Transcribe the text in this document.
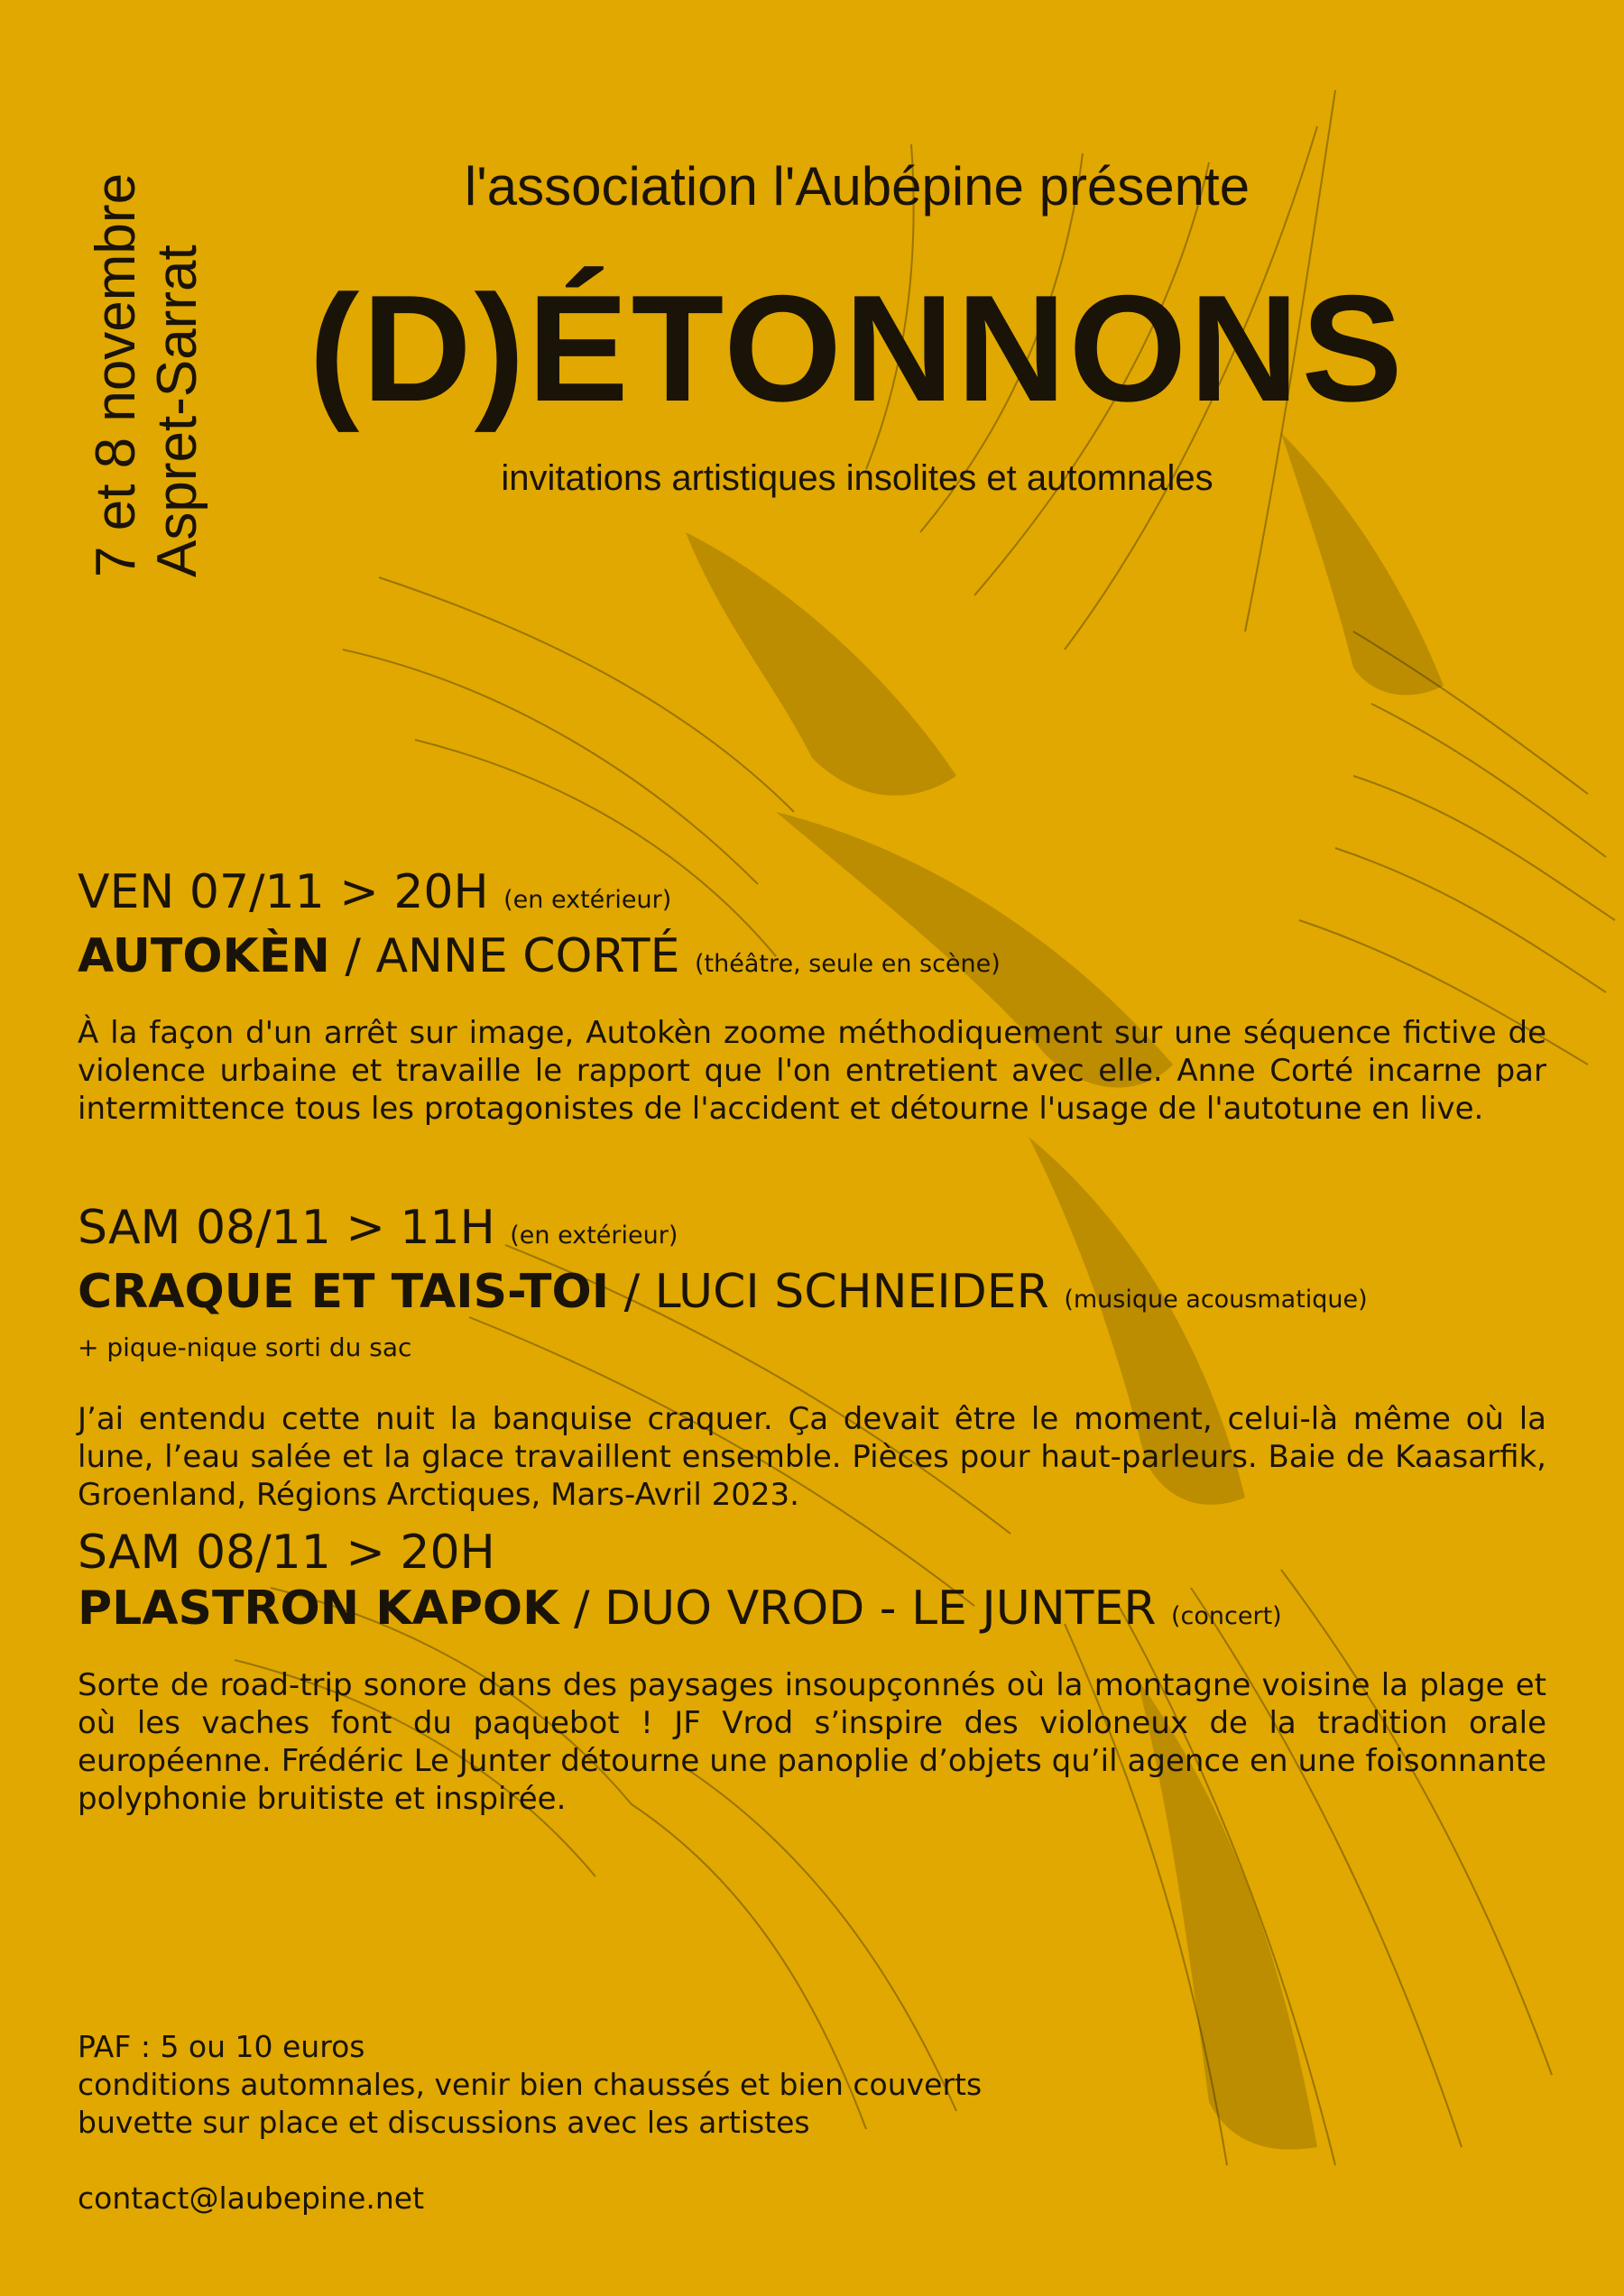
7 et 8 novembre Aspret-Sarrat
l'association l'Aubépine présente
(D)ÉTONNONS
invitations artistiques insolites et automnales
VEN 07/11 > 20H (en extérieur)
AUTOKÈN / ANNE CORTÉ (théâtre, seule en scène)
À la façon d'un arrêt sur image, Autokèn zoome méthodiquement sur une séquence fictive de violence urbaine et travaille le rapport que l'on entretient avec elle. Anne Corté incarne par intermittence tous les protagonistes de l'accident et détourne l'usage de l'autotune en live.
SAM 08/11 > 11H (en extérieur)
CRAQUE ET TAIS-TOI / LUCI SCHNEIDER (musique acousmatique)
+ pique-nique sorti du sac
J’ai entendu cette nuit la banquise craquer. Ça devait être le moment, celui-là même où la lune, l’eau salée et la glace travaillent ensemble. Pièces pour haut-parleurs. Baie de Kaasarfik, Groenland, Régions Arctiques, Mars-Avril 2023.
SAM 08/11 > 20H
PLASTRON KAPOK / DUO VROD - LE JUNTER (concert)
Sorte de road-trip sonore dans des paysages insoupçonnés où la montagne voisine la plage et où les vaches font du paquebot ! JF Vrod s’inspire des violoneux de la tradition orale européenne. Frédéric Le Junter détourne une panoplie d’objets qu’il agence en une foisonnante polyphonie bruitiste et inspirée.
PAF : 5 ou 10 euros
conditions automnales, venir bien chaussés et bien couverts
buvette sur place et discussions avec les artistes
contact@laubepine.net
